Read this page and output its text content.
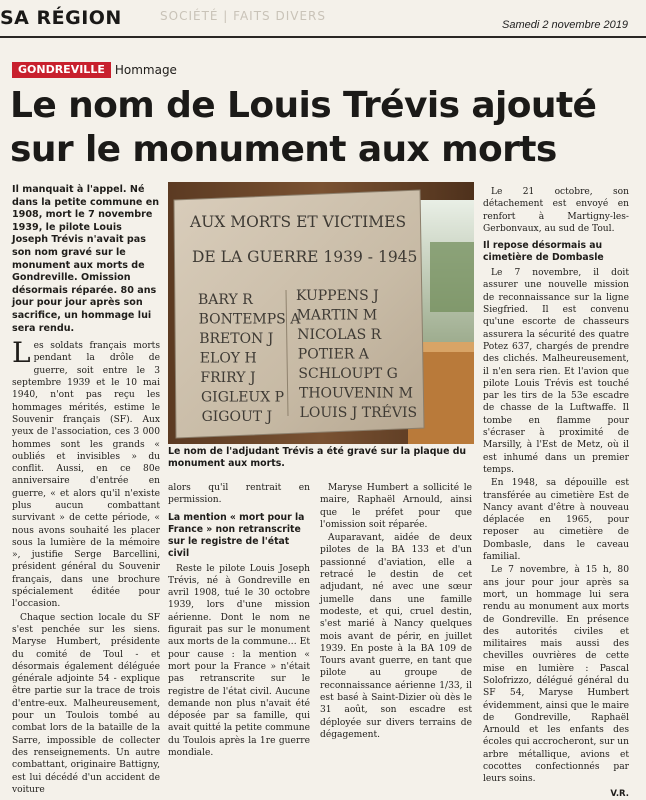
SA RÉGION	SOCIÉTÉ | FAITS DIVERS
Samedi 2 novembre 2019
GONDREVILLE Hommage
Le nom de Louis Trévis ajouté sur le monument aux morts
Il manquait à l'appel. Né dans la petite commune en 1908, mort le 7 novembre 1939, le pilote Louis Joseph Trévis n'avait pas son nom gravé sur le monument aux morts de Gondreville. Omission désormais réparée. 80 ans jour pour jour après son sacrifice, un hommage lui sera rendu.

Les soldats français morts pendant la drôle de guerre, soit entre le 3 septembre 1939 et le 10 mai 1940, n'ont pas reçu les hommages mérités, estime le Souvenir français (SF). Aux yeux de l'association, ces 3 000 hommes sont les grands « oubliés et invisibles » du conflit. Aussi, en ce 80e anniversaire d'entrée en guerre, « et alors qu'il n'existe plus aucun combattant survivant » de cette période, « nous avons souhaité les placer sous la lumière de la mémoire », justifie Serge Barcellini, président général du Souvenir français, dans une brochure spécialement éditée pour l'occasion.

Chaque section locale du SF s'est penchée sur les siens. Maryse Humbert, présidente du comité de Toul - et désormais également déléguée générale adjointe 54 - explique être partie sur la trace de trois d'entre-eux. Malheureusement, pour un Toulois tombé au combat lors de la bataille de la Sarre, impossible de collecter des renseignements. Un autre combattant, originaire Battigny, est lui décédé d'un accident de voiture

AUX MORTS ET VICTIMES
DE LA GUERRE 1939 - 1945
BARY R
BONTEMPS A
BRETON J
ELOY H
FRIRY J
GIGLEUX P
GIGOUT J
KUPPENS J
MARTIN M
NICOLAS R
POTIER A
SCHLOUPT G
THOUVENIN M
LOUIS J TRÉVIS
Le nom de l'adjudant Trévis a été gravé sur la plaque du monument aux morts.

alors qu'il rentrait en permission.

La mention « mort pour la France » non retranscrite sur le registre de l'état civil

Reste le pilote Louis Joseph Trévis, né à Gondreville en avril 1908, tué le 30 octobre 1939, lors d'une mission aérienne. Dont le nom ne figurait pas sur le monument aux morts de la commune… Et pour cause : la mention « mort pour la France » n'était pas retranscrite sur le registre de l'état civil. Aucune demande non plus n'avait été déposée par sa famille, qui avait quitté la petite commune du Toulois après la 1re guerre mondiale.

Maryse Humbert a sollicité le maire, Raphaël Arnould, ainsi que le préfet pour que l'omission soit réparée.

Auparavant, aidée de deux pilotes de la BA 133 et d'un passionné d'aviation, elle a retracé le destin de cet adjudant, né avec une sœur jumelle dans une famille modeste, et qui, cruel destin, s'est marié à Nancy quelques mois avant de périr, en juillet 1939. En poste à la BA 109 de Tours avant guerre, en tant que pilote au groupe de reconnaissance aérienne 1/33, il est basé à Saint-Dizier où dès le 31 août, son escadre est déployée sur divers terrains de dégagement.

Le 21 octobre, son détachement est envoyé en renfort à Martigny-les-Gerbonvaux, au sud de Toul.

Il repose désormais au cimetière de Dombasle

Le 7 novembre, il doit assurer une nouvelle mission de reconnaissance sur la ligne Siegfried. Il est convenu qu'une escorte de chasseurs assurera la sécurité des quatre Potez 637, chargés de prendre des clichés. Malheureusement, il n'en sera rien. Et l'avion que pilote Louis Trévis est touché par les tirs de la 53e escadre de chasse de la Luftwaffe. Il tombe en flamme pour s'écraser à proximité de Marsilly, à l'Est de Metz, où il est inhumé dans un premier temps.

En 1948, sa dépouille est transférée au cimetière Est de Nancy avant d'être à nouveau déplacée en 1965, pour reposer au cimetière de Dombasle, dans le caveau familial.

Le 7 novembre, à 15 h, 80 ans jour pour jour après sa mort, un hommage lui sera rendu au monument aux morts de Gondreville. En présence des autorités civiles et militaires mais aussi des chevilles ouvrières de cette mise en lumière : Pascal Solofrizzo, délégué général du SF 54, Maryse Humbert évidemment, ainsi que le maire de Gondreville, Raphaël Arnould et les enfants des écoles qui accrocheront, sur un arbre métallique, avions et cocottes confectionnés par leurs soins.

V.R.
